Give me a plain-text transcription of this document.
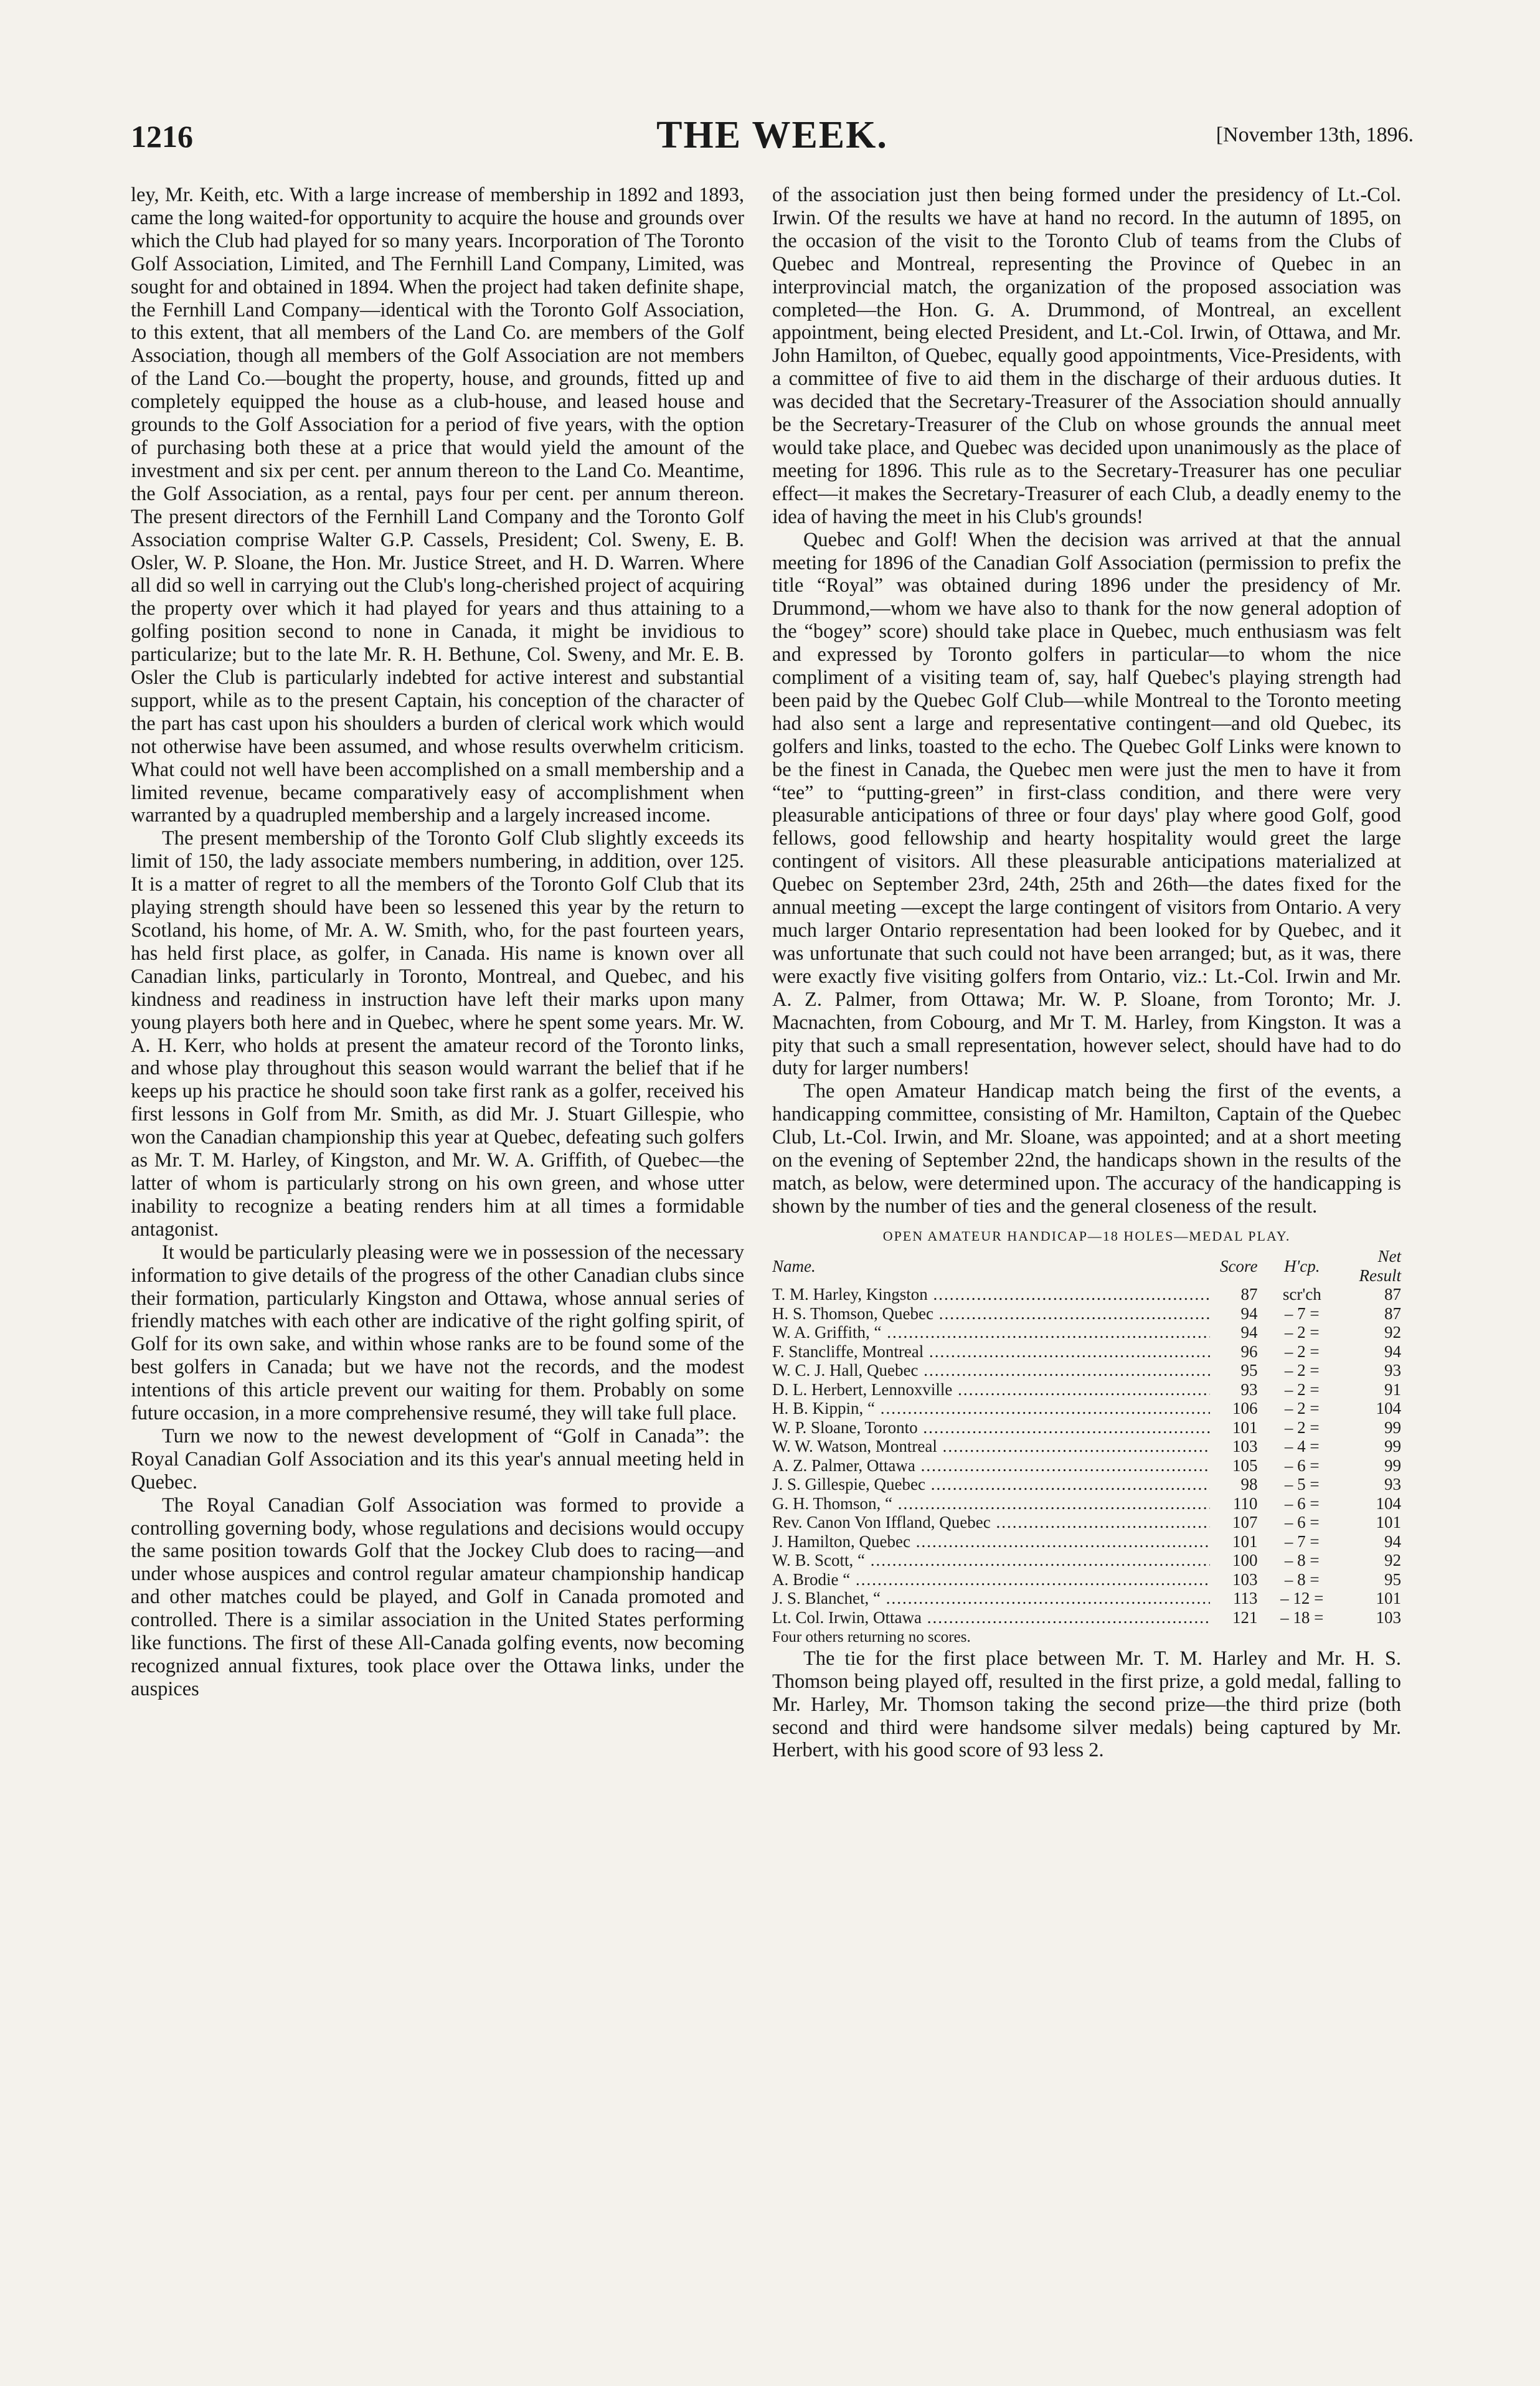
1216	THE WEEK.	[November 13th, 1896.

ley, Mr. Keith, etc. With a large increase of membership in 1892 and 1893, came the long waited-for opportunity to acquire the house and grounds over which the Club had played for so many years. Incorporation of The Toronto Golf Association, Limited, and The Fernhill Land Company, Limited, was sought for and obtained in 1894. When the project had taken definite shape, the Fernhill Land Company—identical with the Toronto Golf Association, to this extent, that all members of the Land Co. are members of the Golf Association, though all members of the Golf Association are not members of the Land Co.—bought the property, house, and grounds, fitted up and completely equipped the house as a club-house, and leased house and grounds to the Golf Association for a period of five years, with the option of purchasing both these at a price that would yield the amount of the investment and six per cent. per annum thereon to the Land Co. Meantime, the Golf Association, as a rental, pays four per cent. per annum thereon. The present directors of the Fernhill Land Company and the Toronto Golf Association comprise Walter G.P. Cassels, President; Col. Sweny, E. B. Osler, W. P. Sloane, the Hon. Mr. Justice Street, and H. D. Warren. Where all did so well in carrying out the Club's long-cherished project of acquiring the property over which it had played for years and thus attaining to a golfing position second to none in Canada, it might be invidious to particularize; but to the late Mr. R. H. Bethune, Col. Sweny, and Mr. E. B. Osler the Club is particularly indebted for active interest and substantial support, while as to the present Captain, his conception of the character of the part has cast upon his shoulders a burden of clerical work which would not otherwise have been assumed, and whose results overwhelm criticism. What could not well have been accomplished on a small membership and a limited revenue, became comparatively easy of accomplishment when warranted by a quadrupled membership and a largely increased income.

The present membership of the Toronto Golf Club slightly exceeds its limit of 150, the lady associate members numbering, in addition, over 125. It is a matter of regret to all the members of the Toronto Golf Club that its playing strength should have been so lessened this year by the return to Scotland, his home, of Mr. A. W. Smith, who, for the past fourteen years, has held first place, as golfer, in Canada. His name is known over all Canadian links, particularly in Toronto, Montreal, and Quebec, and his kindness and readiness in instruction have left their marks upon many young players both here and in Quebec, where he spent some years. Mr. W. A. H. Kerr, who holds at present the amateur record of the Toronto links, and whose play throughout this season would warrant the belief that if he keeps up his practice he should soon take first rank as a golfer, received his first lessons in Golf from Mr. Smith, as did Mr. J. Stuart Gillespie, who won the Canadian championship this year at Quebec, defeating such golfers as Mr. T. M. Harley, of Kingston, and Mr. W. A. Griffith, of Quebec—the latter of whom is particularly strong on his own green, and whose utter inability to recognize a beating renders him at all times a formidable antagonist.

It would be particularly pleasing were we in possession of the necessary information to give details of the progress of the other Canadian clubs since their formation, particularly Kingston and Ottawa, whose annual series of friendly matches with each other are indicative of the right golfing spirit, of Golf for its own sake, and within whose ranks are to be found some of the best golfers in Canada; but we have not the records, and the modest intentions of this article prevent our waiting for them. Probably on some future occasion, in a more comprehensive resumé, they will take full place.

Turn we now to the newest development of “Golf in Canada”: the Royal Canadian Golf Association and its this year's annual meeting held in Quebec.

The Royal Canadian Golf Association was formed to provide a controlling governing body, whose regulations and decisions would occupy the same position towards Golf that the Jockey Club does to racing—and under whose auspices and control regular amateur championship handicap and other matches could be played, and Golf in Canada promoted and controlled. There is a similar association in the United States performing like functions. The first of these All-Canada golfing events, now becoming recognized annual fixtures, took place over the Ottawa links, under the auspices

of the association just then being formed under the presidency of Lt.-Col. Irwin. Of the results we have at hand no record. In the autumn of 1895, on the occasion of the visit to the Toronto Club of teams from the Clubs of Quebec and Montreal, representing the Province of Quebec in an interprovincial match, the organization of the proposed association was completed—the Hon. G. A. Drummond, of Montreal, an excellent appointment, being elected President, and Lt.-Col. Irwin, of Ottawa, and Mr. John Hamilton, of Quebec, equally good appointments, Vice-Presidents, with a committee of five to aid them in the discharge of their arduous duties. It was decided that the Secretary-Treasurer of the Association should annually be the Secretary-Treasurer of the Club on whose grounds the annual meet would take place, and Quebec was decided upon unanimously as the place of meeting for 1896. This rule as to the Secretary-Treasurer has one peculiar effect—it makes the Secretary-Treasurer of each Club, a deadly enemy to the idea of having the meet in his Club's grounds!

Quebec and Golf! When the decision was arrived at that the annual meeting for 1896 of the Canadian Golf Association (permission to prefix the title “Royal” was obtained during 1896 under the presidency of Mr. Drummond,—whom we have also to thank for the now general adoption of the “bogey” score) should take place in Quebec, much enthusiasm was felt and expressed by Toronto golfers in particular—to whom the nice compliment of a visiting team of, say, half Quebec's playing strength had been paid by the Quebec Golf Club—while Montreal to the Toronto meeting had also sent a large and representative contingent—and old Quebec, its golfers and links, toasted to the echo. The Quebec Golf Links were known to be the finest in Canada, the Quebec men were just the men to have it from “tee” to “putting-green” in first-class condition, and there were very pleasurable anticipations of three or four days' play where good Golf, good fellows, good fellowship and hearty hospitality would greet the large contingent of visitors. All these pleasurable anticipations materialized at Quebec on September 23rd, 24th, 25th and 26th—the dates fixed for the annual meeting —except the large contingent of visitors from Ontario. A very much larger Ontario representation had been looked for by Quebec, and it was unfortunate that such could not have been arranged; but, as it was, there were exactly five visiting golfers from Ontario, viz.: Lt.-Col. Irwin and Mr. A. Z. Palmer, from Ottawa; Mr. W. P. Sloane, from Toronto; Mr. J. Macnachten, from Cobourg, and Mr T. M. Harley, from Kingston. It was a pity that such a small representation, however select, should have had to do duty for larger numbers!

The open Amateur Handicap match being the first of the events, a handicapping committee, consisting of Mr. Hamilton, Captain of the Quebec Club, Lt.-Col. Irwin, and Mr. Sloane, was appointed; and at a short meeting on the evening of September 22nd, the handicaps shown in the results of the match, as below, were determined upon. The accuracy of the handicapping is shown by the number of ties and the general closeness of the result.

OPEN AMATEUR HANDICAP—18 HOLES—MEDAL PLAY.
Name.	Score	H'cp.	Net Result
T. M. Harley, Kingston .....	87	scr'ch	87
H. S. Thomson, Quebec .....	94	– 7 =	87
W. A. Griffith, “ .....	94	– 2 =	92
F. Stancliffe, Montreal .....	96	– 2 =	94
W. C. J. Hall, Quebec .....	95	– 2 =	93
D. L. Herbert, Lennoxville .....	93	– 2 =	91
H. B. Kippin, “ .....	106	– 2 =	104
W. P. Sloane, Toronto .....	101	– 2 =	99
W. W. Watson, Montreal .....	103	– 4 =	99
A. Z. Palmer, Ottawa .....	105	– 6 =	99
J. S. Gillespie, Quebec .....	98	– 5 =	93
G. H. Thomson, “ .....	110	– 6 =	104
Rev. Canon Von Iffland, Quebec .....	107	– 6 =	101
J. Hamilton, Quebec .....	101	– 7 =	94
W. B. Scott, “ .....	100	– 8 =	92
A. Brodie “ .....	103	– 8 =	95
J. S. Blanchet, “ .....	113	– 12 =	101
Lt. Col. Irwin, Ottawa .....	121	– 18 =	103
Four others returning no scores.

The tie for the first place between Mr. T. M. Harley and Mr. H. S. Thomson being played off, resulted in the first prize, a gold medal, falling to Mr. Harley, Mr. Thomson taking the second prize—the third prize (both second and third were handsome silver medals) being captured by Mr. Herbert, with his good score of 93 less 2.
